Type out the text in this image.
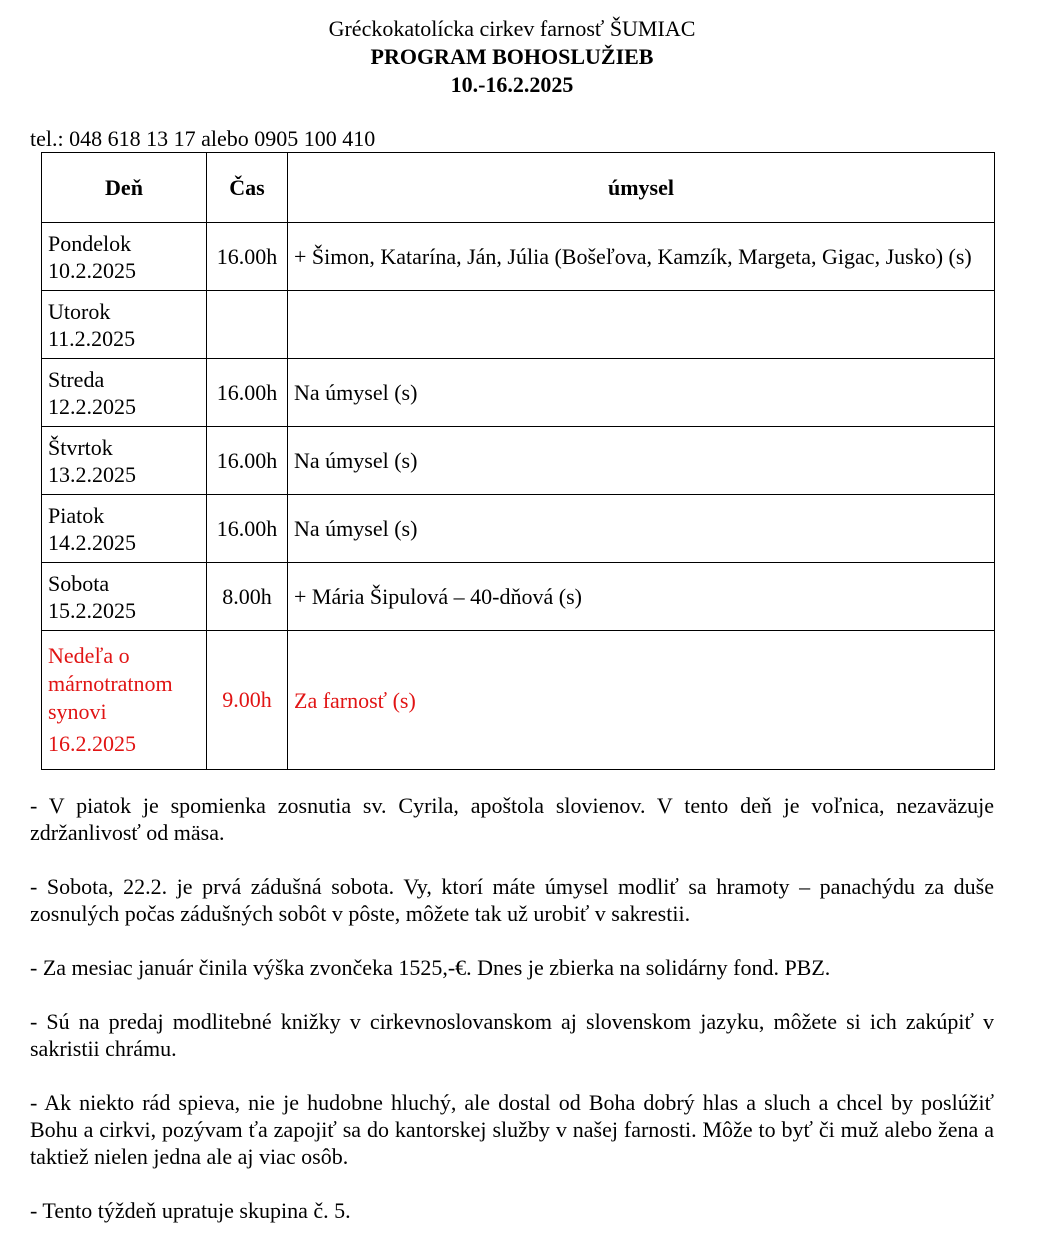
Gréckokatolícka cirkev farnosť ŠUMIAC
PROGRAM BOHOSLUŽIEB
10.-16.2.2025
tel.: 048 618 13 17 alebo 0905 100 410
Deň	Čas	úmysel
Pondelok
10.2.2025	16.00h	+ Šimon, Katarína, Ján, Júlia (Bošeľova, Kamzík, Margeta, Gigac, Jusko) (s)
Utorok
11.2.2025		
Streda
12.2.2025	16.00h	Na úmysel (s)
Štvrtok
13.2.2025	16.00h	Na úmysel (s)
Piatok
14.2.2025	16.00h	Na úmysel (s)
Sobota
15.2.2025	8.00h	+ Mária Šipulová – 40-dňová (s)

Nedeľa o márnotratnom synovi
16.2.2025	9.00h	Za farnosť (s)

- V piatok je spomienka zosnutia sv. Cyrila, apoštola slovienov. V tento deň je voľnica, nezaväzuje zdržanlivosť od mäsa.

- Sobota, 22.2. je prvá zádušná sobota. Vy, ktorí máte úmysel modliť sa hramoty – panachýdu za duše zosnulých počas zádušných sobôt v pôste, môžete tak už urobiť v sakrestii.

- Za mesiac január činila výška zvončeka 1525,-€. Dnes je zbierka na solidárny fond. PBZ.

- Sú na predaj modlitebné knižky v cirkevnoslovanskom aj slovenskom jazyku, môžete si ich zakúpiť v sakristii chrámu.

- Ak niekto rád spieva, nie je hudobne hluchý, ale dostal od Boha dobrý hlas a sluch a chcel by poslúžiť Bohu a cirkvi, pozývam ťa zapojiť sa do kantorskej služby v našej farnosti. Môže to byť či muž alebo žena a taktiež nielen jedna ale aj viac osôb.

- Tento týždeň upratuje skupina č. 5.
